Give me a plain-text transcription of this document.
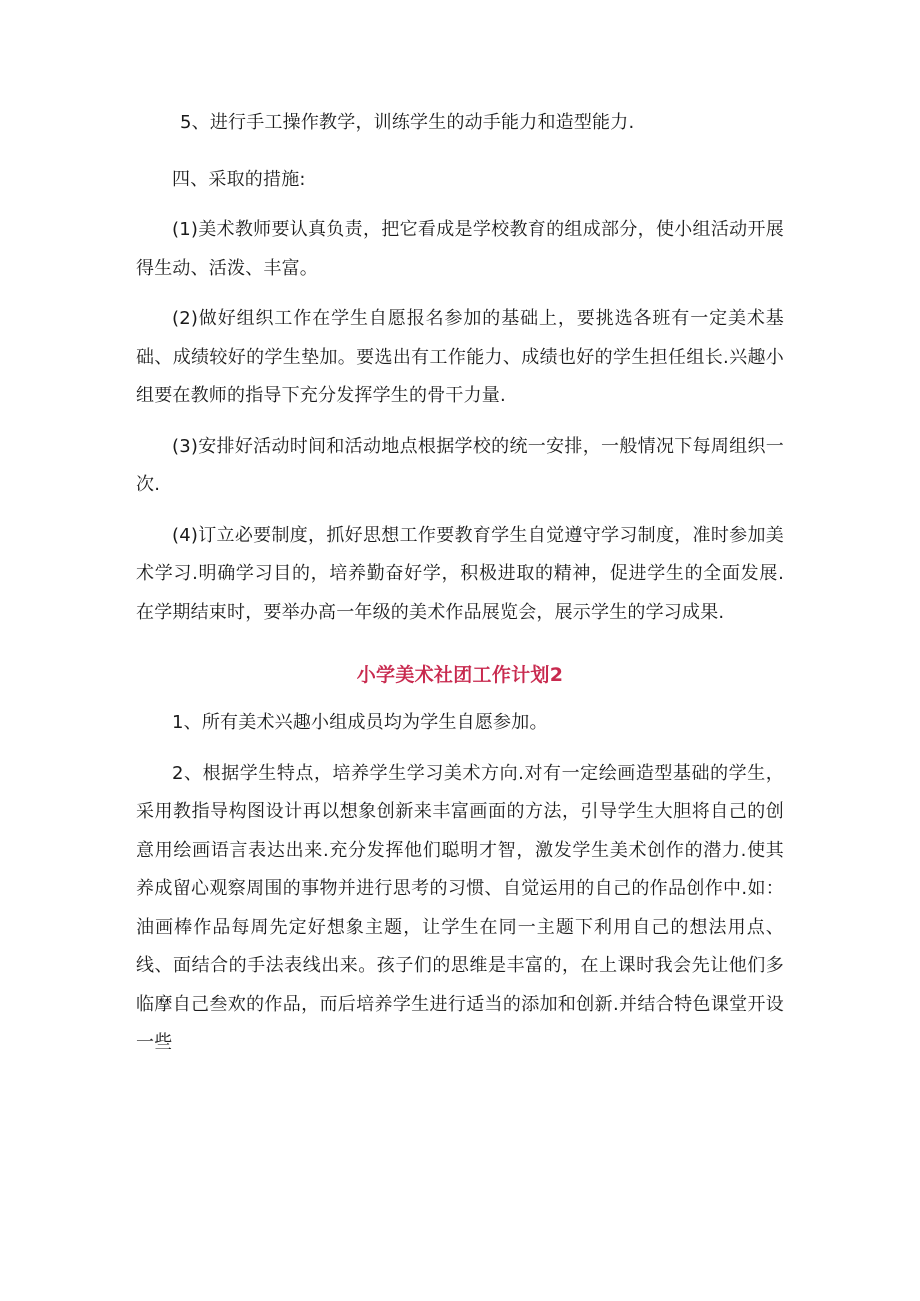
5、进行手工操作教学，训练学生的动手能力和造型能力.

四、采取的措施:

(1)美术教师要认真负责，把它看成是学校教育的组成部分，使小组活动开展得生动、活泼、丰富。

(2)做好组织工作在学生自愿报名参加的基础上，要挑选各班有一定美术基础、成绩较好的学生垫加。要选出有工作能力、成绩也好的学生担任组长.兴趣小组要在教师的指导下充分发挥学生的骨干力量.

(3)安排好活动时间和活动地点根据学校的统一安排，一般情况下每周组织一次.

(4)订立必要制度，抓好思想工作要教育学生自觉遵守学习制度，准时参加美术学习.明确学习目的，培养勤奋好学，积极进取的精神，促进学生的全面发展.在学期结束时，要举办高一年级的美术作品展览会，展示学生的学习成果.

小学美术社团工作计划2

1、所有美术兴趣小组成员均为学生自愿参加。

2、根据学生特点，培养学生学习美术方向.对有一定绘画造型基础的学生，采用教指导构图设计再以想象创新来丰富画面的方法，引导学生大胆将自己的创意用绘画语言表达出来.充分发挥他们聪明才智，激发学生美术创作的潜力.使其养成留心观察周围的事物并进行思考的习惯、自觉运用的自己的作品创作中.如：油画棒作品每周先定好想象主题，让学生在同一主题下利用自己的想法用点、线、面结合的手法表线出来。孩子们的思维是丰富的，在上课时我会先让他们多临摩自己叁欢的作品，而后培养学生进行适当的添加和创新.并结合特色课堂开设一些
